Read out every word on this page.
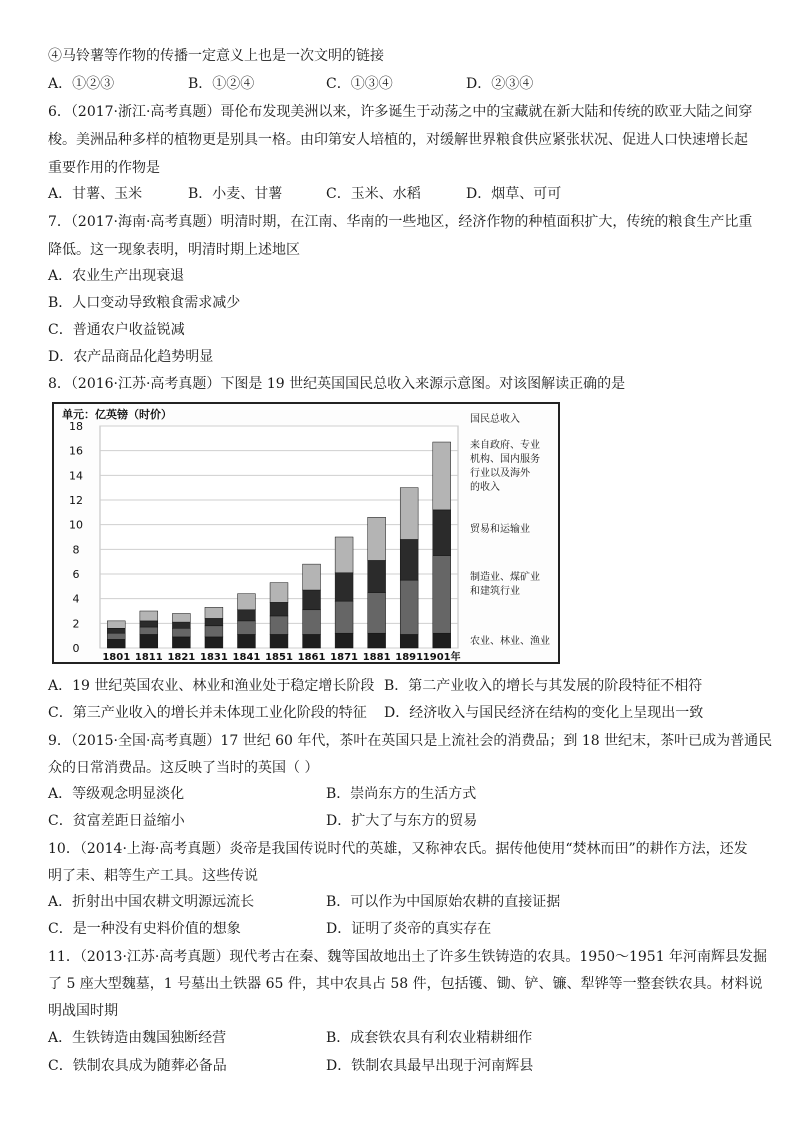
④马铃薯等作物的传播一定意义上也是一次文明的链接
A．①②③	B．①②④	C．①③④	D．②③④
6．（2017·浙江·高考真题）哥伦布发现美洲以来，许多诞生于动荡之中的宝藏就在新大陆和传统的欧亚大陆之间穿
梭。美洲品种多样的植物更是别具一格。由印第安人培植的，对缓解世界粮食供应紧张状况、促进人口快速增长起
重要作用的作物是
A．甘薯、玉米	B．小麦、甘薯	C．玉米、水稻	D．烟草、可可
7．（2017·海南·高考真题）明清时期，在江南、华南的一些地区，经济作物的种植面积扩大，传统的粮食生产比重
降低。这一现象表明，明清时期上述地区
A．农业生产出现衰退
B．人口变动导致粮食需求减少
C．普通农户收益锐减
D．农产品商品化趋势明显
8．（2016·江苏·高考真题）下图是 19 世纪英国国民总收入来源示意图。对该图解读正确的是
单元：亿英镑（时价）
0
2
4
6
8
10
12
14
16
18
1801 1811 1821 1831 1841 1851 1861 1871 1881 1891 1901年
国民总收入
来自政府、专业
机构、国内服务
行业以及海外
的收入
贸易和运输业
制造业、煤矿业
和建筑行业
农业、林业、渔业
A．19 世纪英国农业、林业和渔业处于稳定增长阶段 B．第二产业收入的增长与其发展的阶段特征不相符
C．第三产业收入的增长并未体现工业化阶段的特征 D．经济收入与国民经济在结构的变化上呈现出一致
9．（2015·全国·高考真题）17 世纪 60 年代，茶叶在英国只是上流社会的消费品；到 18 世纪末，茶叶已成为普通民
众的日常消费品。这反映了当时的英国（ ）
A．等级观念明显淡化	B．崇尚东方的生活方式
C．贫富差距日益缩小	D．扩大了与东方的贸易
10．（2014·上海·高考真题）炎帝是我国传说时代的英雄，又称神农氏。据传他使用“焚林而田”的耕作方法，还发
明了耒、耜等生产工具。这些传说
A．折射出中国农耕文明源远流长	B．可以作为中国原始农耕的直接证据
C．是一种没有史料价值的想象	D．证明了炎帝的真实存在
11．（2013·江苏·高考真题）现代考古在秦、魏等国故地出土了许多生铁铸造的农具。1950～1951 年河南辉县发掘
了 5 座大型魏墓，1 号墓出土铁器 65 件，其中农具占 58 件，包括镬、锄、铲、镰、犁铧等一整套铁农具。材料说
明战国时期
A．生铁铸造由魏国独断经营	B．成套铁农具有利农业精耕细作
C．铁制农具成为随葬必备品	D．铁制农具最早出现于河南辉县
